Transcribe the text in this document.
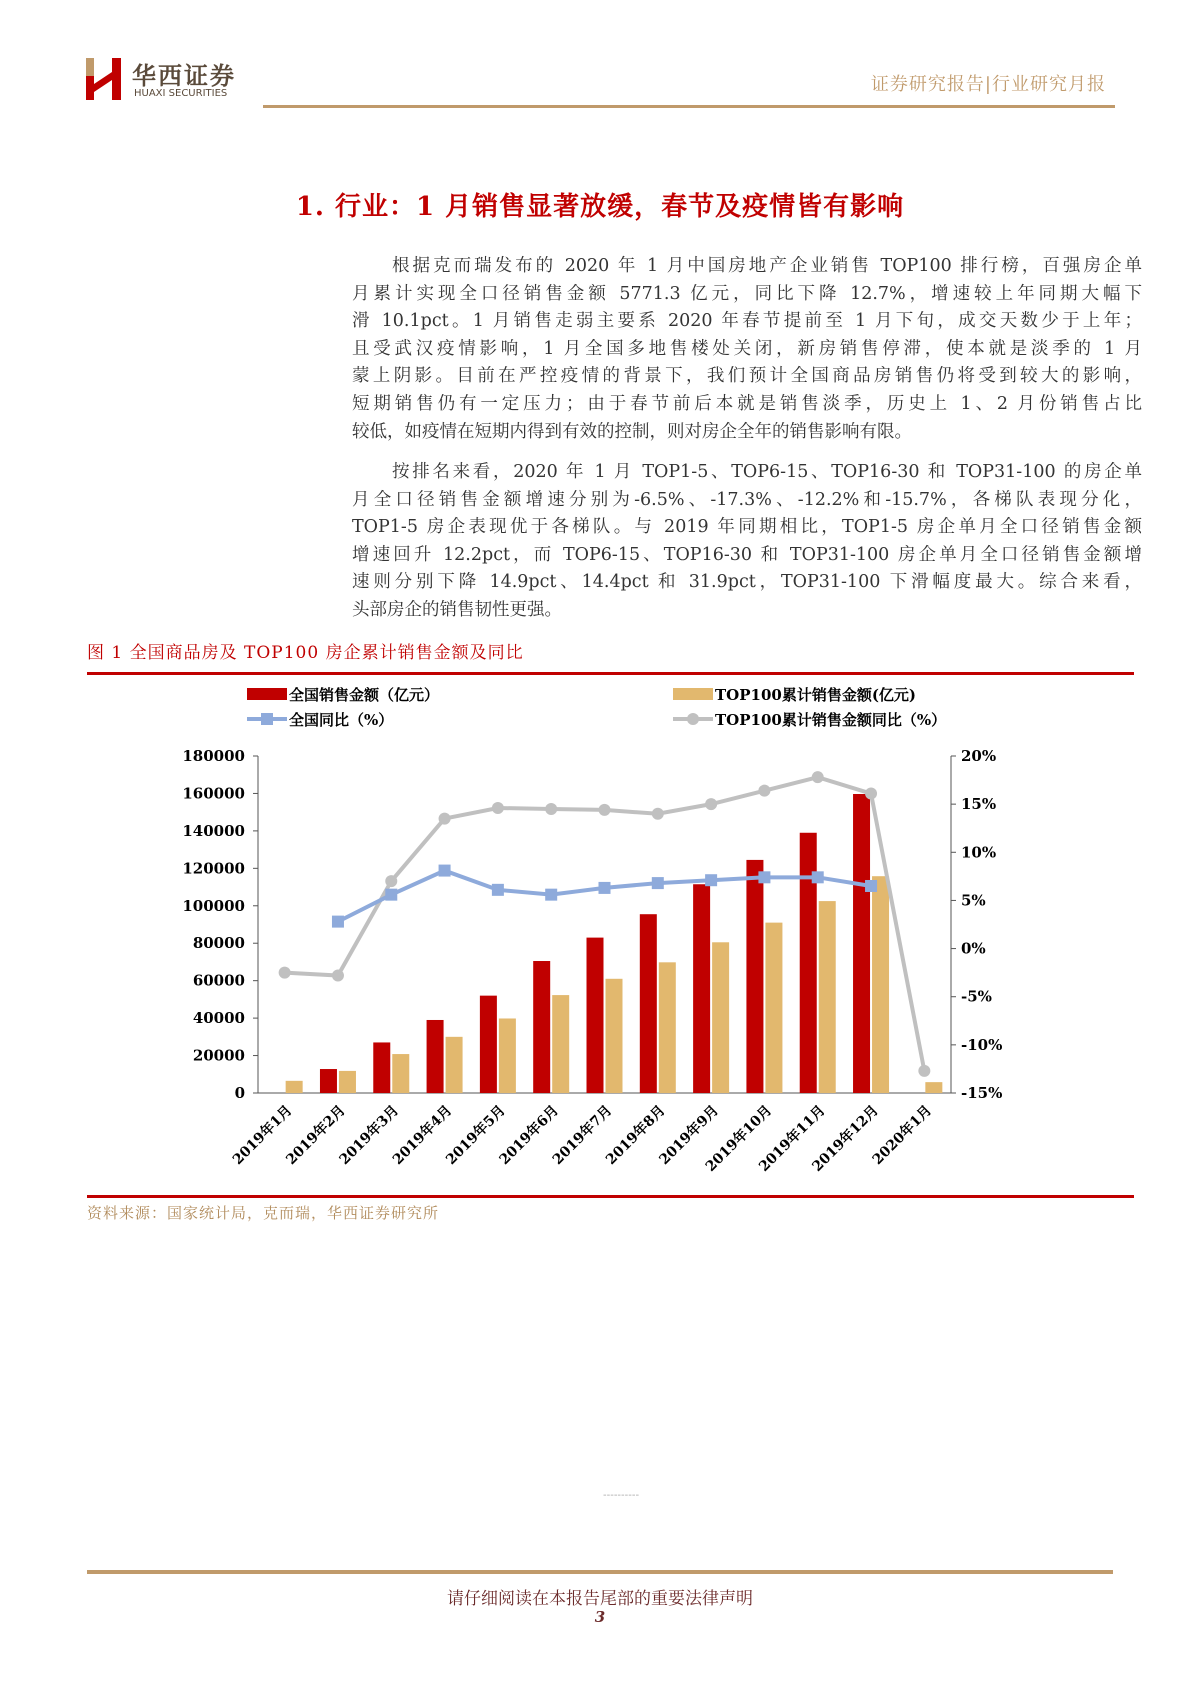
华西证券
HUAXI SECURITIES	证券研究报告|行业研究月报
1. 行业：1 月销售显著放缓，春节及疫情皆有影响
根据克而瑞发布的 2020 年 1 月中国房地产企业销售 TOP100 排行榜，百强房企单
月累计实现全口径销售金额 5771.3 亿元，同比下降 12.7%，增速较上年同期大幅下
滑 10.1pct。1 月销售走弱主要系 2020 年春节提前至 1 月下旬，成交天数少于上年；
且受武汉疫情影响，1 月全国多地售楼处关闭，新房销售停滞，使本就是淡季的 1 月
蒙上阴影。目前在严控疫情的背景下，我们预计全国商品房销售仍将受到较大的影响，
短期销售仍有一定压力；由于春节前后本就是销售淡季，历史上 1、2 月份销售占比
较低，如疫情在短期内得到有效的控制，则对房企全年的销售影响有限。
按排名来看，2020 年 1 月 TOP1-5、TOP6-15、TOP16-30 和 TOP31-100 的房企单
月全口径销售金额增速分别为-6.5%、-17.3%、-12.2%和-15.7%，各梯队表现分化，
TOP1-5 房企表现优于各梯队。与 2019 年同期相比，TOP1-5 房企单月全口径销售金额
增速回升 12.2pct，而 TOP6-15、TOP16-30 和 TOP31-100 房企单月全口径销售金额增
速则分别下降 14.9pct、14.4pct 和 31.9pct，TOP31-100 下滑幅度最大。综合来看，
头部房企的销售韧性更强。
图 1 全国商品房及 TOP100 房企累计销售金额及同比
0
20000
40000
60000
80000
100000
120000
140000
160000
180000
-15%
-10%
-5%
0%
5%
10%
15%
20%
2019年1月
2019年2月
2019年3月
2019年4月
2019年5月
2019年6月
2019年7月
2019年8月
2019年9月
2019年10月
2019年11月
2019年12月
2020年1月
全国销售金额（亿元）	TOP100累计销售金额(亿元)
全国同比（%）	TOP100累计销售金额同比（%）
资料来源：国家统计局，克而瑞，华西证券研究所
----------
请仔细阅读在本报告尾部的重要法律声明
3
